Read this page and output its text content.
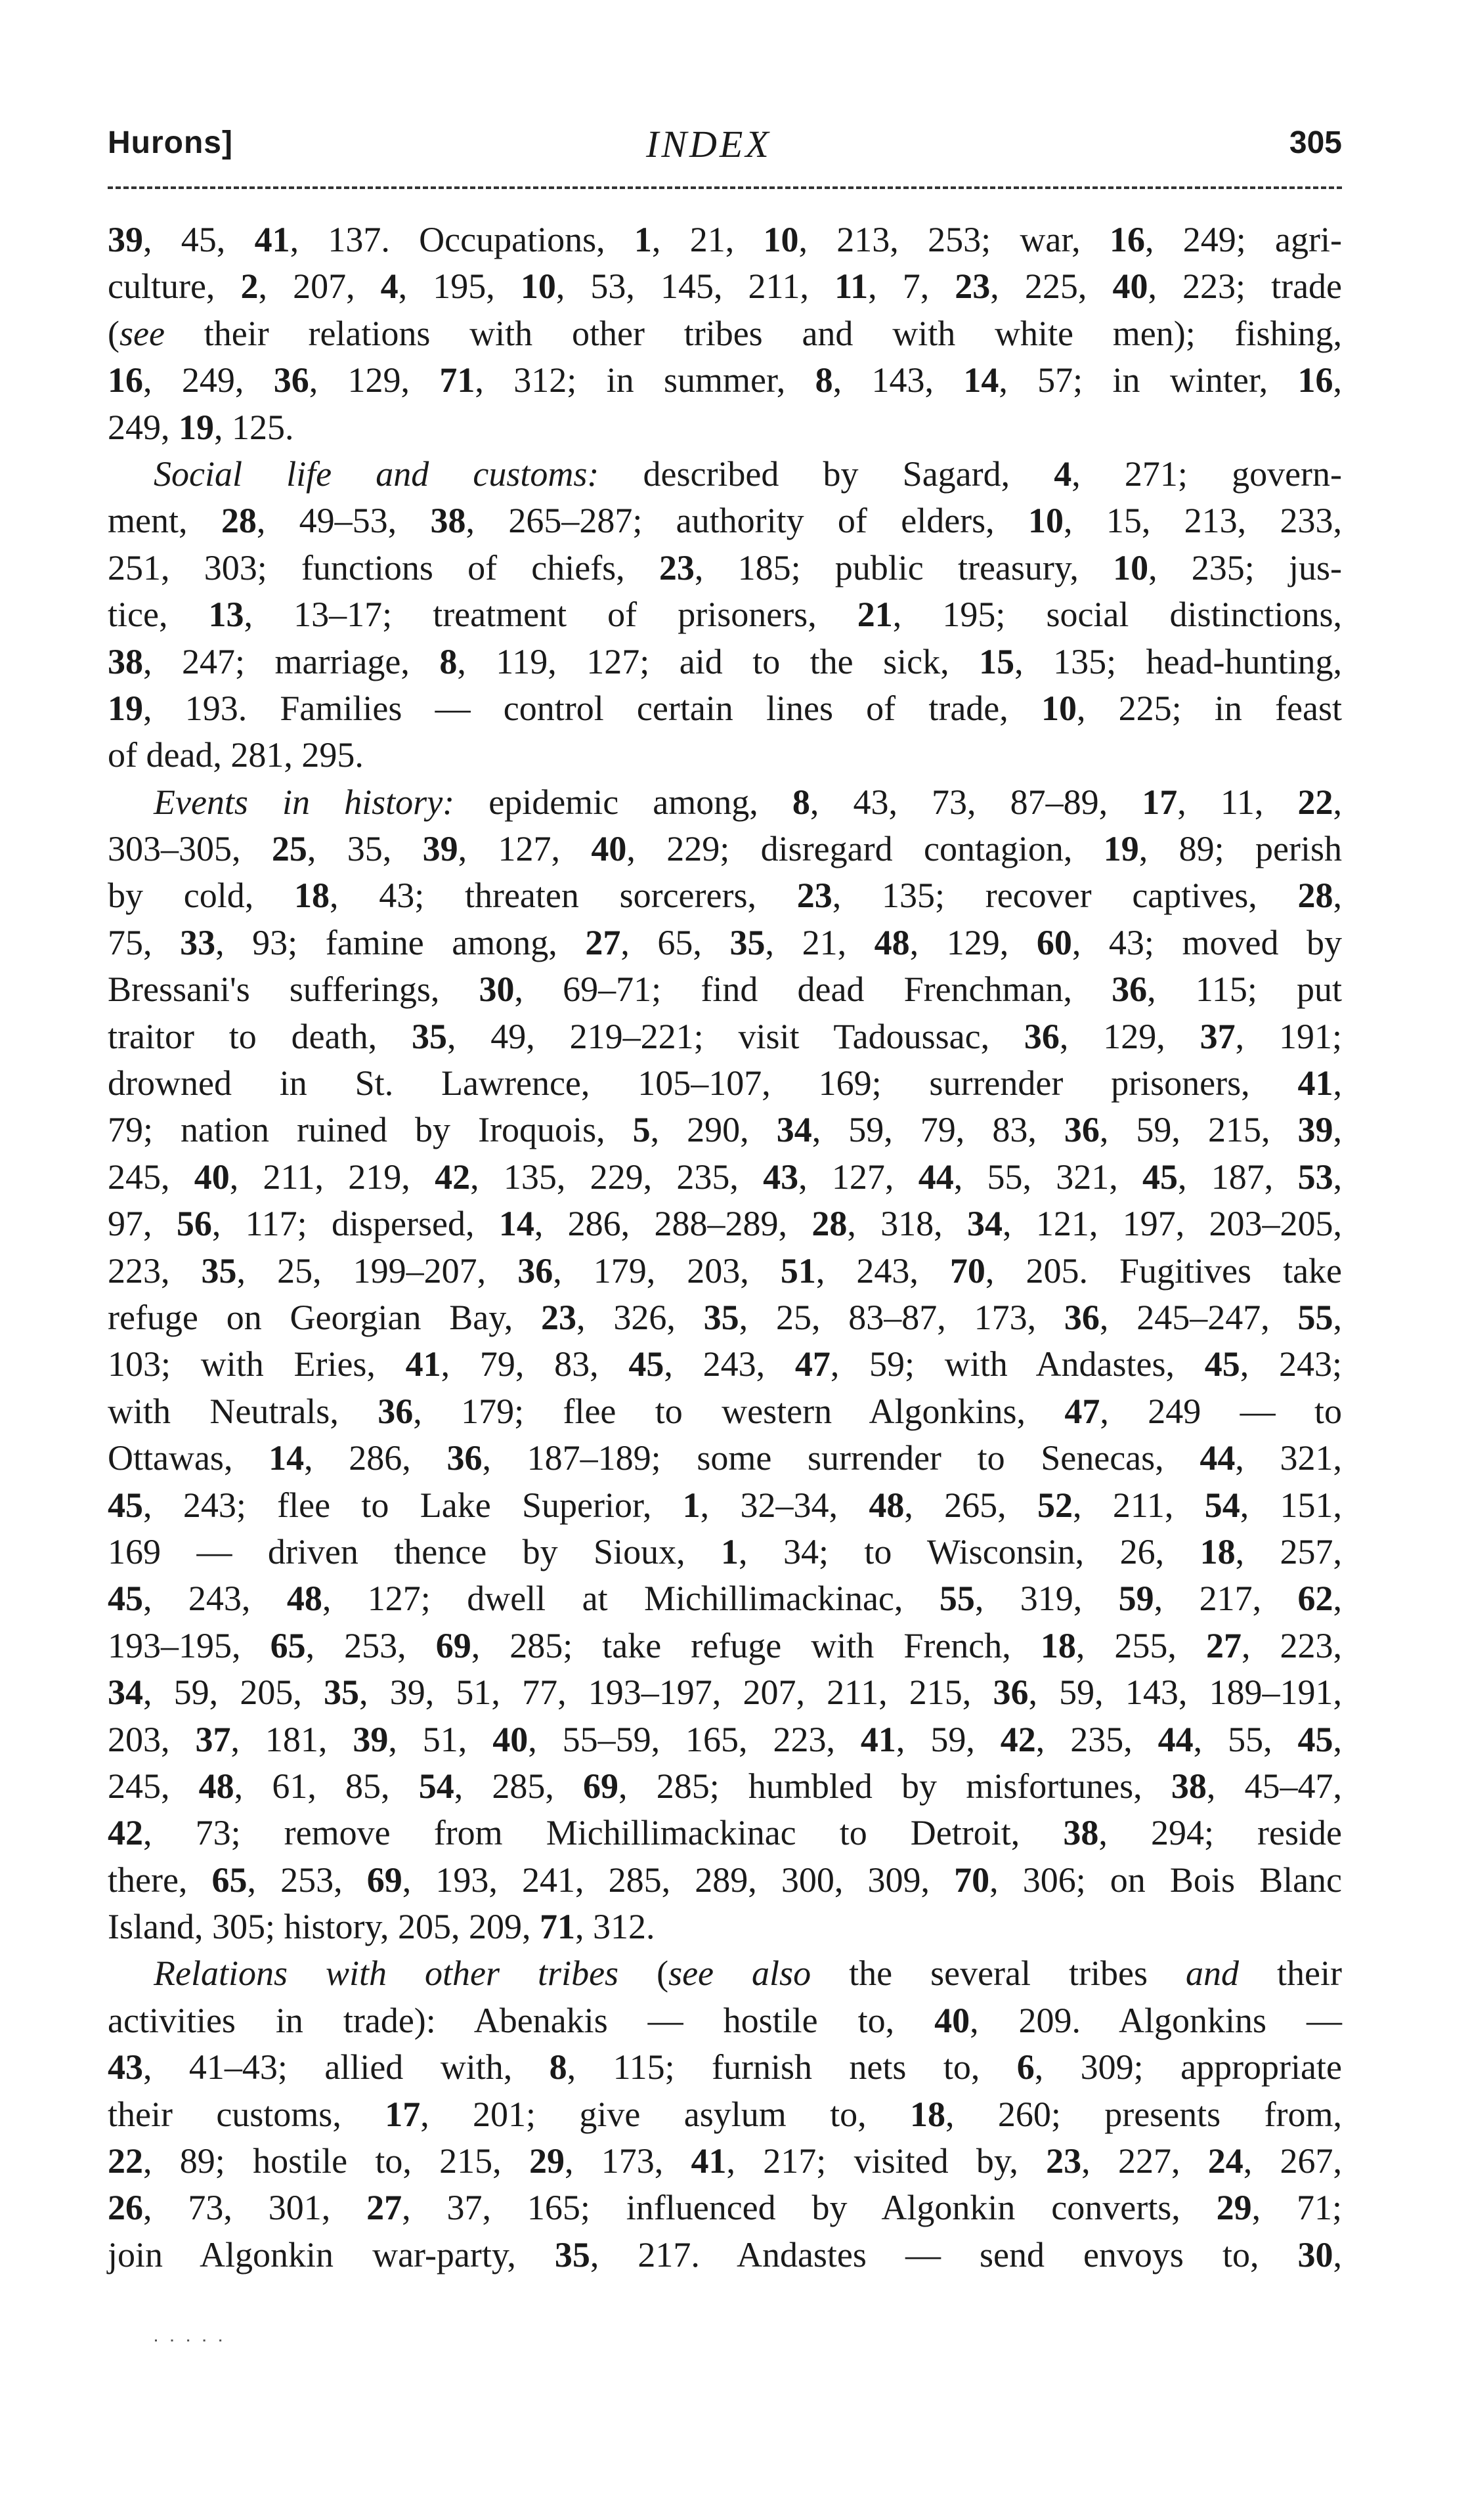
Hurons]	INDEX	305
39, 45, 41, 137. Occupations, 1, 21, 10, 213, 253; war, 16, 249; agri-
culture, 2, 207, 4, 195, 10, 53, 145, 211, 11, 7, 23, 225, 40, 223; trade
(see their relations with other tribes and with white men); fishing,
16, 249, 36, 129, 71, 312; in summer, 8, 143, 14, 57; in winter, 16,
249, 19, 125.
Social life and customs: described by Sagard, 4, 271; govern-
ment, 28, 49–53, 38, 265–287; authority of elders, 10, 15, 213, 233,
251, 303; functions of chiefs, 23, 185; public treasury, 10, 235; jus-
tice, 13, 13–17; treatment of prisoners, 21, 195; social distinctions,
38, 247; marriage, 8, 119, 127; aid to the sick, 15, 135; head-hunting,
19, 193. Families — control certain lines of trade, 10, 225; in feast
of dead, 281, 295.
Events in history: epidemic among, 8, 43, 73, 87–89, 17, 11, 22,
303–305, 25, 35, 39, 127, 40, 229; disregard contagion, 19, 89; perish
by cold, 18, 43; threaten sorcerers, 23, 135; recover captives, 28,
75, 33, 93; famine among, 27, 65, 35, 21, 48, 129, 60, 43; moved by
Bressani's sufferings, 30, 69–71; find dead Frenchman, 36, 115; put
traitor to death, 35, 49, 219–221; visit Tadoussac, 36, 129, 37, 191;
drowned in St. Lawrence, 105–107, 169; surrender prisoners, 41,
79; nation ruined by Iroquois, 5, 290, 34, 59, 79, 83, 36, 59, 215, 39,
245, 40, 211, 219, 42, 135, 229, 235, 43, 127, 44, 55, 321, 45, 187, 53,
97, 56, 117; dispersed, 14, 286, 288–289, 28, 318, 34, 121, 197, 203–205,
223, 35, 25, 199–207, 36, 179, 203, 51, 243, 70, 205. Fugitives take
refuge on Georgian Bay, 23, 326, 35, 25, 83–87, 173, 36, 245–247, 55,
103; with Eries, 41, 79, 83, 45, 243, 47, 59; with Andastes, 45, 243;
with Neutrals, 36, 179; flee to western Algonkins, 47, 249 — to
Ottawas, 14, 286, 36, 187–189; some surrender to Senecas, 44, 321,
45, 243; flee to Lake Superior, 1, 32–34, 48, 265, 52, 211, 54, 151,
169 — driven thence by Sioux, 1, 34; to Wisconsin, 26, 18, 257,
45, 243, 48, 127; dwell at Michillimackinac, 55, 319, 59, 217, 62,
193–195, 65, 253, 69, 285; take refuge with French, 18, 255, 27, 223,
34, 59, 205, 35, 39, 51, 77, 193–197, 207, 211, 215, 36, 59, 143, 189–191,
203, 37, 181, 39, 51, 40, 55–59, 165, 223, 41, 59, 42, 235, 44, 55, 45,
245, 48, 61, 85, 54, 285, 69, 285; humbled by misfortunes, 38, 45–47,
42, 73; remove from Michillimackinac to Detroit, 38, 294; reside
there, 65, 253, 69, 193, 241, 285, 289, 300, 309, 70, 306; on Bois Blanc
Island, 305; history, 205, 209, 71, 312.
Relations with other tribes (see also the several tribes and their
activities in trade): Abenakis — hostile to, 40, 209. Algonkins —
43, 41–43; allied with, 8, 115; furnish nets to, 6, 309; appropriate
their customs, 17, 201; give asylum to, 18, 260; presents from,
22, 89; hostile to, 215, 29, 173, 41, 217; visited by, 23, 227, 24, 267,
26, 73, 301, 27, 37, 165; influenced by Algonkin converts, 29, 71;
join Algonkin war-party, 35, 217. Andastes — send envoys to, 30,
˙ ˙ ˙ ˙ ˙
